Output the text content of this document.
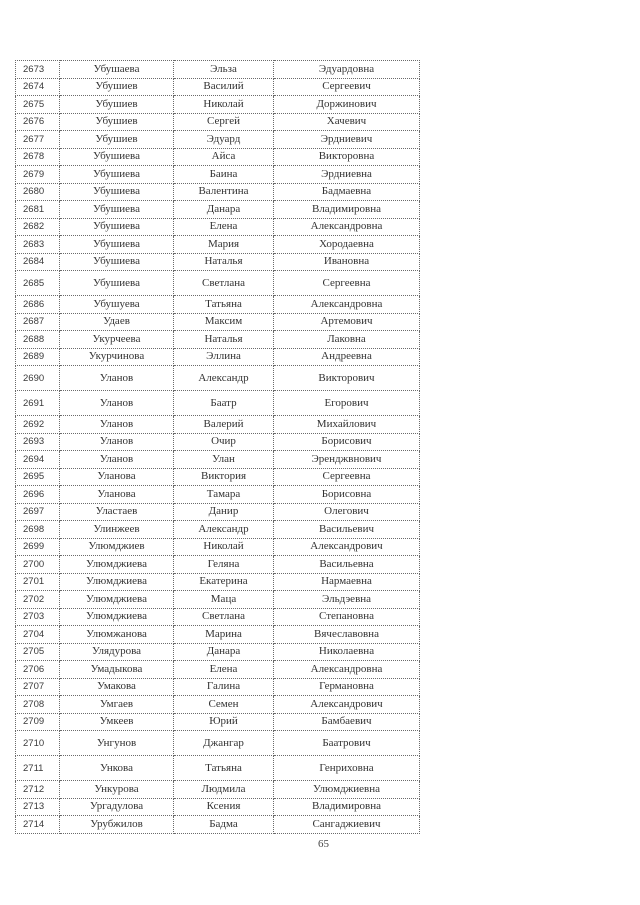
2673	Убушаева	Эльза	Эдуардовна
2674	Убушиев	Василий	Сергеевич
2675	Убушиев	Николай	Доржинович
2676	Убушиев	Сергей	Хачевич
2677	Убушиев	Эдуард	Эрдниевич
2678	Убушиева	Айса	Викторовна
2679	Убушиева	Баина	Эрдниевна
2680	Убушиева	Валентина	Бадмаевна
2681	Убушиева	Данара	Владимировна
2682	Убушиева	Елена	Александровна
2683	Убушиева	Мария	Хородаевна
2684	Убушиева	Наталья	Ивановна
2685	Убушиева	Светлана	Сергеевна
2686	Убушуева	Татьяна	Александровна
2687	Удаев	Максим	Артемович
2688	Укурчеева	Наталья	Лаковна
2689	Укурчинова	Эллина	Андреевна
2690	Уланов	Александр	Викторович
2691	Уланов	Баатр	Егорович
2692	Уланов	Валерий	Михайлович
2693	Уланов	Очир	Борисович
2694	Уланов	Улан	Эренджвнович
2695	Уланова	Виктория	Сергеевна
2696	Уланова	Тамара	Борисовна
2697	Уластаев	Данир	Олегович
2698	Улинжеев	Александр	Васильевич
2699	Улюмджиев	Николай	Александрович
2700	Улюмджиева	Геляна	Васильевна
2701	Улюмджиева	Екатерина	Нармаевна
2702	Улюмджиева	Маца	Эльдэевна
2703	Улюмджиева	Светлана	Степановна
2704	Улюмжанова	Марина	Вячеславовна
2705	Улядурова	Данара	Николаевна
2706	Умадыкова	Елена	Александровна
2707	Умакова	Галина	Германовна
2708	Умгаев	Семен	Александрович
2709	Умкеев	Юрий	Бамбаевич
2710	Унгунов	Джангар	Баатрович
2711	Ункова	Татьяна	Генриховна
2712	Ункурова	Людмила	Улюмджиевна
2713	Ургадулова	Ксения	Владимировна
2714	Урубжилов	Бадма	Сангаджиевич
65
